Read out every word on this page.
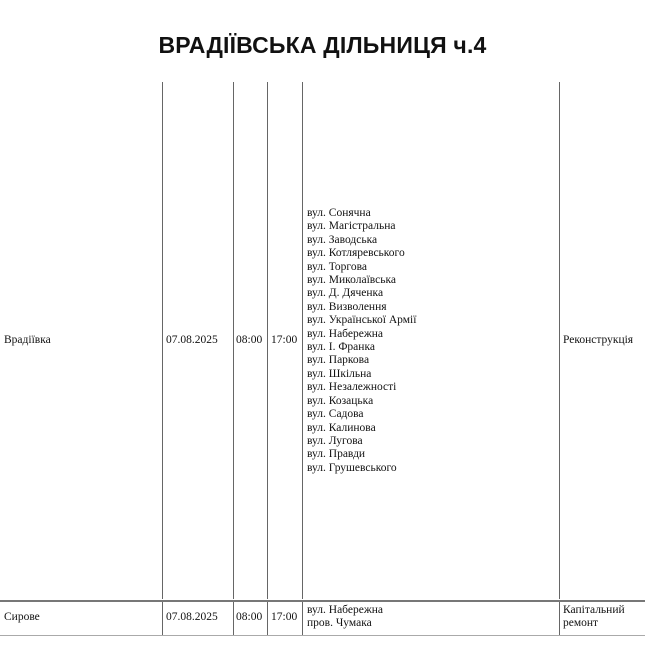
ВРАДІЇВСЬКА ДІЛЬНИЦЯ ч.4
Врадіївка	07.08.2025 08:00 17:00
вул. Сонячна
вул. Магістральна
вул. Заводська
вул. Котляревського
вул. Торгова
вул. Миколаївська
вул. Д. Дяченка
вул. Визволення
вул. Української Армії
вул. Набережна
вул. І. Франка
вул. Паркова
вул. Шкільна
вул. Незалежності
вул. Козацька
вул. Садова
вул. Калинова
вул. Лугова
вул. Правди
вул. Грушевського
Реконструкція
Сирове	07.08.2025 08:00 17:00
вул. Набережна
пров. Чумака
Капітальний
ремонт
